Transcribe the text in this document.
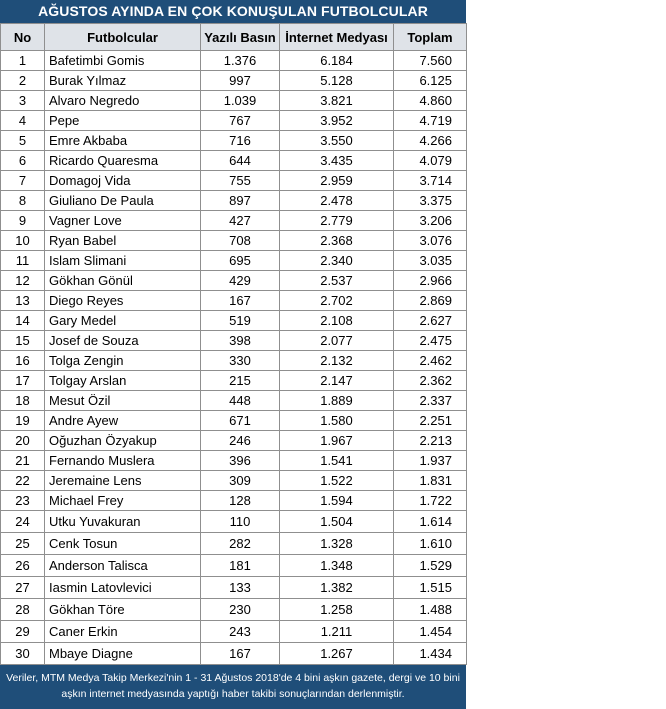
AĞUSTOS AYINDA EN ÇOK KONUŞULAN FUTBOLCULAR
No	Futbolcular	Yazılı Basın	İnternet Medyası	Toplam
1	Bafetimbi Gomis	1.376	6.184	7.560
2	Burak Yılmaz	997	5.128	6.125
3	Alvaro Negredo	1.039	3.821	4.860
4	Pepe	767	3.952	4.719
5	Emre Akbaba	716	3.550	4.266
6	Ricardo Quaresma	644	3.435	4.079
7	Domagoj Vida	755	2.959	3.714
8	Giuliano De Paula	897	2.478	3.375
9	Vagner Love	427	2.779	3.206
10	Ryan Babel	708	2.368	3.076
11	Islam Slimani	695	2.340	3.035
12	Gökhan Gönül	429	2.537	2.966
13	Diego Reyes	167	2.702	2.869
14	Gary Medel	519	2.108	2.627
15	Josef de Souza	398	2.077	2.475
16	Tolga Zengin	330	2.132	2.462
17	Tolgay Arslan	215	2.147	2.362
18	Mesut Özil	448	1.889	2.337
19	Andre Ayew	671	1.580	2.251
20	Oğuzhan Özyakup	246	1.967	2.213
21	Fernando Muslera	396	1.541	1.937
22	Jeremaine Lens	309	1.522	1.831
23	Michael Frey	128	1.594	1.722
24	Utku Yuvakuran	110	1.504	1.614
25	Cenk Tosun	282	1.328	1.610
26	Anderson Talisca	181	1.348	1.529
27	Iasmin Latovlevici	133	1.382	1.515
28	Gökhan Töre	230	1.258	1.488
29	Caner Erkin	243	1.211	1.454
30	Mbaye Diagne	167	1.267	1.434
Veriler, MTM Medya Takip Merkezi'nin 1 - 31 Ağustos 2018'de 4 bini aşkın gazete, dergi ve 10 bini
aşkın internet medyasında yaptığı haber takibi sonuçlarından derlenmiştir.
